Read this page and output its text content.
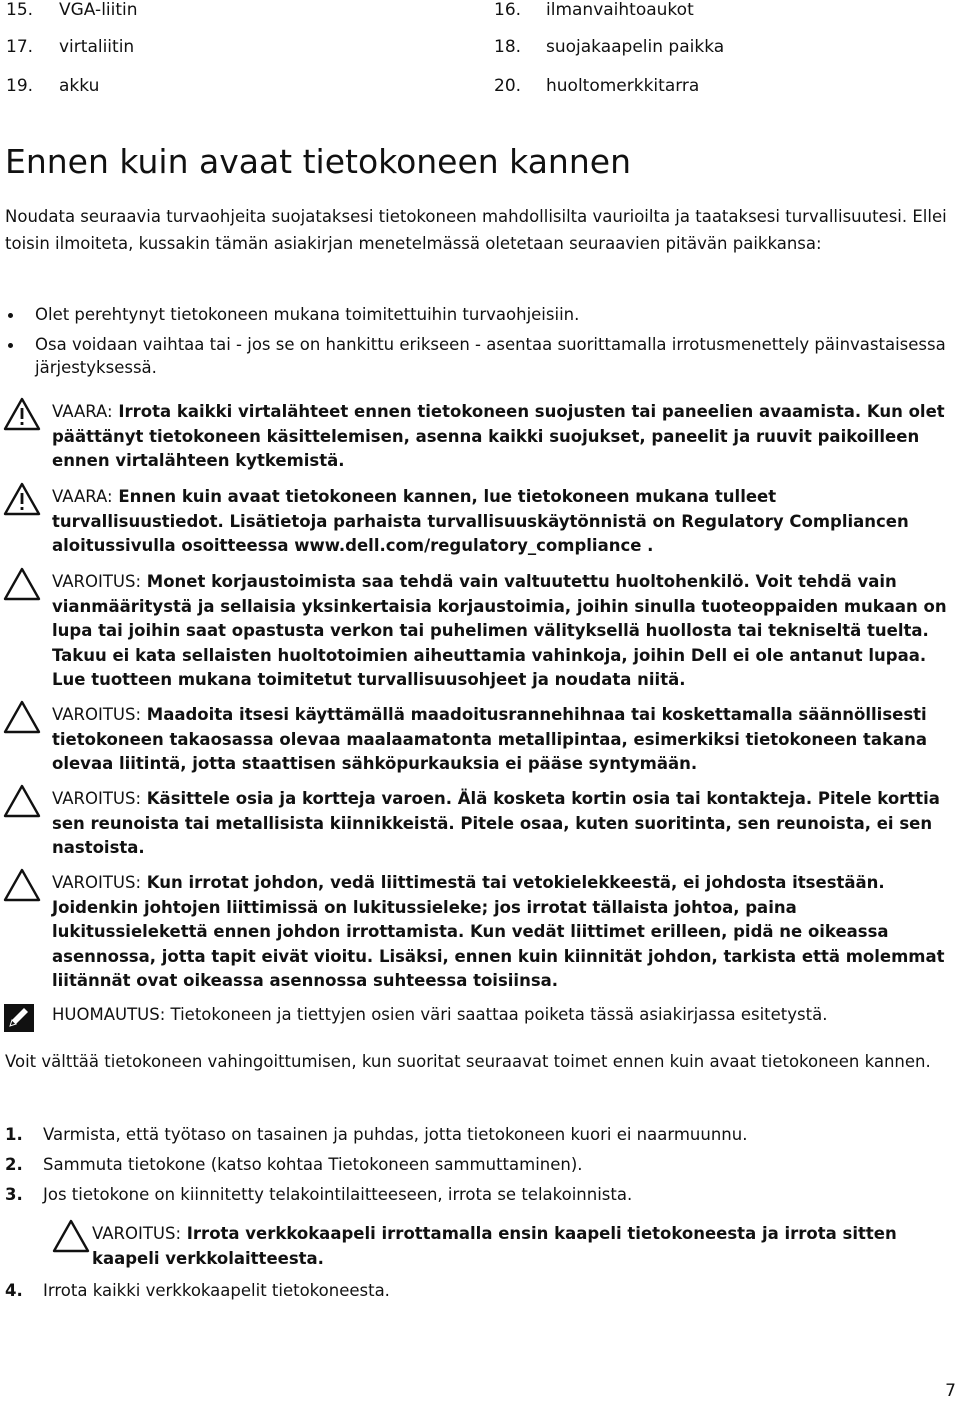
15. VGA-liitin	16. ilmanvaihtoaukot
17. virtaliitin	18. suojakaapelin paikka
19. akku	20. huoltomerkkitarra
Ennen kuin avaat tietokoneen kannen

Noudata seuraavia turvaohjeita suojataksesi tietokoneen mahdollisilta vaurioilta ja taataksesi turvallisuutesi. Ellei toisin ilmoiteta, kussakin tämän asiakirjan menetelmässä oletetaan seuraavien pitävän paikkansa:

Olet perehtynyt tietokoneen mukana toimitettuihin turvaohjeisiin.
Osa voidaan vaihtaa tai - jos se on hankittu erikseen - asentaa suorittamalla irrotusmenettely päinvastaisessa järjestyksessä.
VAARA: Irrota kaikki virtalähteet ennen tietokoneen suojusten tai paneelien avaamista. Kun olet päättänyt tietokoneen käsittelemisen, asenna kaikki suojukset, paneelit ja ruuvit paikoilleen ennen virtalähteen kytkemistä.
VAARA: Ennen kuin avaat tietokoneen kannen, lue tietokoneen mukana tulleet turvallisuustiedot. Lisätietoja parhaista turvallisuuskäytönnistä on Regulatory Compliancen aloitussivulla osoitteessa www.dell.com/regulatory_compliance .
VAROITUS: Monet korjaustoimista saa tehdä vain valtuutettu huoltohenkilö. Voit tehdä vain vianmääritystä ja sellaisia yksinkertaisia korjaustoimia, joihin sinulla tuoteoppaiden mukaan on lupa tai joihin saat opastusta verkon tai puhelimen välityksellä huollosta tai tekniseltä tuelta. Takuu ei kata sellaisten huoltotoimien aiheuttamia vahinkoja, joihin Dell ei ole antanut lupaa. Lue tuotteen mukana toimitetut turvallisuusohjeet ja noudata niitä.
VAROITUS: Maadoita itsesi käyttämällä maadoitusrannehihnaa tai koskettamalla säännöllisesti tietokoneen takaosassa olevaa maalaamatonta metallipintaa, esimerkiksi tietokoneen takana olevaa liitintä, jotta staattisen sähköpurkauksia ei pääse syntymään.
VAROITUS: Käsittele osia ja kortteja varoen. Älä kosketa kortin osia tai kontakteja. Pitele korttia sen reunoista tai metallisista kiinnikkeistä. Pitele osaa, kuten suoritinta, sen reunoista, ei sen nastoista.
VAROITUS: Kun irrotat johdon, vedä liittimestä tai vetokielekkeestä, ei johdosta itsestään. Joidenkin johtojen liittimissä on lukitussieleke; jos irrotat tällaista johtoa, paina lukitussielekettä ennen johdon irrottamista. Kun vedät liittimet erilleen, pidä ne oikeassa asennossa, jotta tapit eivät vioitu. Lisäksi, ennen kuin kiinnität johdon, tarkista että molemmat liitännät ovat oikeassa asennossa suhteessa toisiinsa.
HUOMAUTUS: Tietokoneen ja tiettyjen osien väri saattaa poiketa tässä asiakirjassa esitetystä.

Voit välttää tietokoneen vahingoittumisen, kun suoritat seuraavat toimet ennen kuin avaat tietokoneen kannen.

1. Varmista, että työtaso on tasainen ja puhdas, jotta tietokoneen kuori ei naarmuunnu.
2. Sammuta tietokone (katso kohtaa Tietokoneen sammuttaminen).
3. Jos tietokone on kiinnitetty telakointilaitteeseen, irrota se telakoinnista.
VAROITUS: Irrota verkkokaapeli irrottamalla ensin kaapeli tietokoneesta ja irrota sitten kaapeli verkkolaitteesta.
4. Irrota kaikki verkkokaapelit tietokoneesta.
7
